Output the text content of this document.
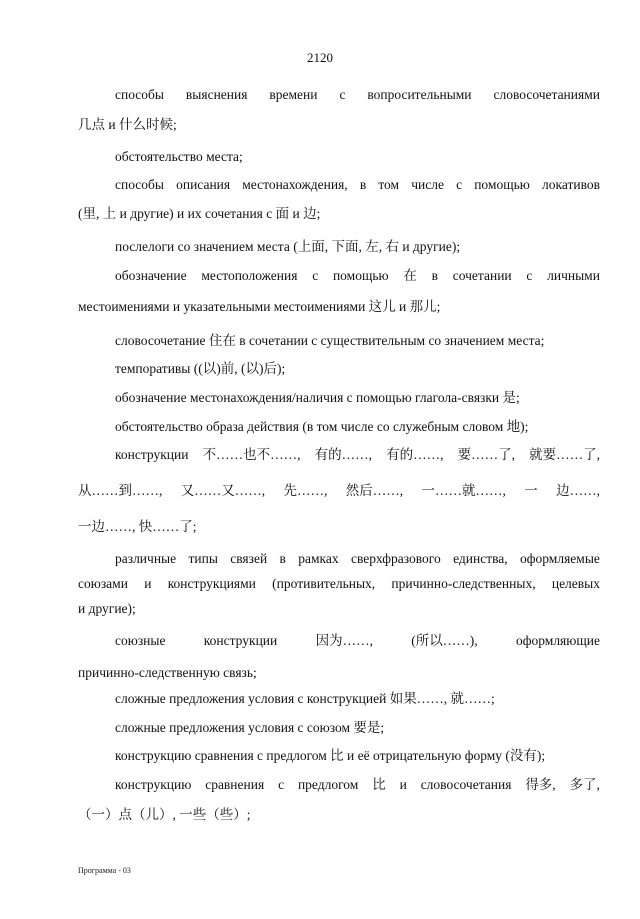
2120
способы выяснения времени с вопросительными словосочетаниями
几点 и 什么时候;
обстоятельство места;
способы описания местонахождения, в том числе с помощью локативов
(里, 上 и другие) и их сочетания с 面 и 边;
послелоги со значением места (上面, 下面, 左, 右 и другие);
обозначение местоположения с помощью 在 в сочетании с личными
местоимениями и указательными местоимениями 这儿 и 那儿;
словосочетание 住在 в сочетании с существительным со значением места;
темпоративы ((以)前, (以)后);
обозначение местонахождения/наличия с помощью глагола-связки 是;
обстоятельство образа действия (в том числе со служебным словом 地);
конструкции 不……也不……, 有的……, 有的……, 要……了, 就要……了,
从……到……, 又……又……, 先……, 然后……, 一……就……, 一 边……,
一边……, 快……了;
различные типы связей в рамках сверхфразового единства, оформляемые
союзами и конструкциями (противительных, причинно-следственных, целевых
и другие);
союзные	конструкции	因为……,	(所以……),	оформляющие
причинно-следственную связь;
сложные предложения условия с конструкцией 如果……, 就……;
сложные предложения условия с союзом 要是;
конструкцию сравнения с предлогом 比 и её отрицательную форму (没有);
конструкцию сравнения с предлогом 比 и словосочетания 得多, 多了,
（一）点（儿）, 一些（些）;
Программа - 03
